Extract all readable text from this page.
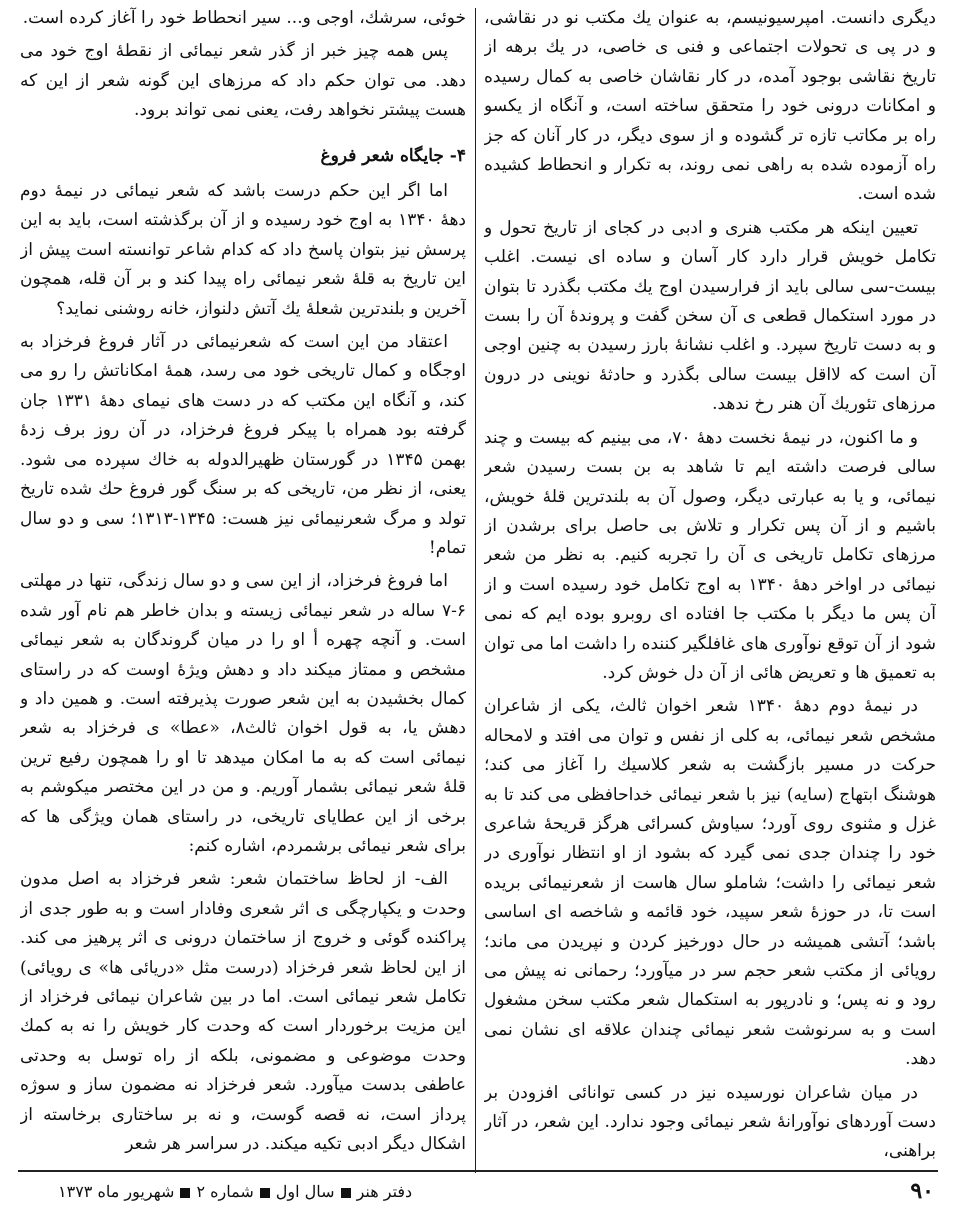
دیگری دانست. امپرسیونیسم، به عنوان یك مكتب نو در نقاشی، و در پی ی تحولات اجتماعی و فنی ی خاصی، در یك برهه از تاریخ نقاشی بوجود آمده، در كار نقاشان خاصی به كمال رسیده و امكانات درونی خود را متحقق ساخته است، و آنگاه از یكسو راه بر مكاتب تازه تر گشوده و از سوی دیگر، در كار آنان كه جز راه آزموده شده به راهی نمی روند، به تكرار و انحطاط كشیده شده است.

تعیین اینكه هر مكتب هنری و ادبی در كجای از تاریخ تحول و تكامل خویش قرار دارد كار آسان و ساده ای نیست. اغلب بیست-سی سالی باید از فرارسیدن اوج یك مكتب بگذرد تا بتوان در مورد استكمال قطعی ی آن سخن گفت و پروندهٔ آن را بست و به دست تاریخ سپرد. و اغلب نشانهٔ بارز رسیدن به چنین اوجی آن است كه لااقل بیست سالی بگذرد و حادثهٔ نوینی در درون مرزهای تئوریك آن هنر رخ ندهد.

و ما اكنون، در نیمهٔ نخست دههٔ ۷۰، می بینیم كه بیست و چند سالی فرصت داشته ایم تا شاهد به بن بست رسیدن شعر نیمائی، و یا به عبارتی دیگر، وصول آن به بلندترین قلهٔ خویش، باشیم و از آن پس تكرار و تلاش بی حاصل برای برشدن از مرزهای تكامل تاریخی ی آن را تجربه كنیم. به نظر من شعر نیمائی در اواخر دههٔ ۱۳۴۰ به اوج تكامل خود رسیده است و از آن پس ما دیگر با مكتب جا افتاده ای روبرو بوده ایم كه نمی شود از آن توقع نوآوری های غافلگیر كننده را داشت اما می توان به تعمیق ها و تعریض هائی از آن دل خوش كرد.

در نیمهٔ دوم دههٔ ۱۳۴۰ شعر اخوان ثالث، یكی از شاعران مشخص شعر نیمائی، به كلی از نفس و توان می افتد و لامحاله حركت در مسیر بازگشت به شعر كلاسیك را آغاز می كند؛ هوشنگ ابتهاج (سایه) نیز با شعر نیمائی خداحافظی می كند تا به غزل و مثنوی روی آورد؛ سیاوش كسرائی هرگز قریحهٔ شاعری خود را چندان جدی نمی گیرد كه بشود از او انتظار نوآوری در شعر نیمائی را داشت؛ شاملو سال هاست از شعرنیمائی بریده است تا، در حوزهٔ شعر سپید، خود قائمه و شاخصه ای اساسی باشد؛ آتشی همیشه در حال دورخیز كردن و نپریدن می ماند؛ رویائی از مكتب شعر حجم سر در میآورد؛ رحمانی نه پیش می رود و نه پس؛ و نادرپور به استكمال شعر مكتب سخن مشغول است و به سرنوشت شعر نیمائی چندان علاقه ای نشان نمی دهد.

در میان شاعران نورسیده نیز در كسی توانائی افزودن بر دست آوردهای نوآورانهٔ شعر نیمائی وجود ندارد. این شعر، در آثار براهنی،

خوئی، سرشك، اوجی و... سیر انحطاط خود را آغاز كرده است.

پس همه چیز خبر از گذر شعر نیمائی از نقطهٔ اوج خود می دهد. می توان حكم داد كه مرزهای این گونه شعر از این كه هست پیشتر نخواهد رفت، یعنی نمی تواند برود.

۴- جایگاه شعر فروغ

اما اگر این حكم درست باشد كه شعر نیمائی در نیمهٔ دوم دههٔ ۱۳۴۰ به اوج خود رسیده و از آن برگذشته است، باید به این پرسش نیز بتوان پاسخ داد كه كدام شاعر توانسته است پیش از این تاریخ به قلهٔ شعر نیمائی راه پیدا كند و بر آن قله، همچون آخرین و بلندترین شعلهٔ یك آتش دلنواز، خانه روشنی نماید؟

اعتقاد من این است كه شعرنیمائی در آثار فروغ فرخزاد به اوجگاه و كمال تاریخی خود می رسد، همهٔ امكاناتش را رو می كند، و آنگاه این مكتب كه در دست های نیمای دههٔ ۱۳۳۱ جان گرفته بود همراه با پیكر فروغ فرخزاد، در آن روز برف زدهٔ بهمن ۱۳۴۵ در گورستان ظهیرالدوله به خاك سپرده می شود. یعنی، از نظر من، تاریخی كه بر سنگ گور فروغ حك شده تاریخ تولد و مرگ شعرنیمائی نیز هست: ۱۳۴۵-۱۳۱۳؛ سی و دو سال تمام!

اما فروغ فرخزاد، از این سی و دو سال زندگی، تنها در مهلتی ۶-۷ ساله در شعر نیمائی زیسته و بدان خاطر هم نام آور شده است. و آنچه چهره أ او را در میان گروندگان به شعر نیمائی مشخص و ممتاز میكند داد و دهش ویژهٔ اوست كه در راستای كمال بخشیدن به این شعر صورت پذیرفته است. و همین داد و دهش یا، به قول اخوان ثالث۸، «عطا» ی فرخزاد به شعر نیمائی است كه به ما امكان میدهد تا او را همچون رفیع ترین قلهٔ شعر نیمائی بشمار آوریم. و من در این مختصر میكوشم به برخی از این عطایای تاریخی، در راستای همان ویژگی ها كه برای شعر نیمائی برشمردم، اشاره كنم:

الف- از لحاظ ساختمان شعر: شعر فرخزاد به اصل مدون وحدت و یكپارچگی ی اثر شعری وفادار است و به طور جدی از پراكنده گوئی و خروج از ساختمان درونی ی اثر پرهیز می كند. از این لحاظ شعر فرخزاد (درست مثل «دریائی ها» ی رویائی) تكامل شعر نیمائی است. اما در بین شاعران نیمائی فرخزاد از این مزیت برخوردار است كه وحدت كار خویش را نه به كمك وحدت موضوعی و مضمونی، بلكه از راه توسل به وحدتی عاطفی بدست میآورد. شعر فرخزاد نه مضمون ساز و سوژه پرداز است، نه قصه گوست، و نه بر ساختاری برخاسته از اشكال دیگر ادبی تكیه میكند. در سراسر هر شعر

۹۰
دفتر هنرسال اولشماره ۲شهریور ماه ۱۳۷۳
